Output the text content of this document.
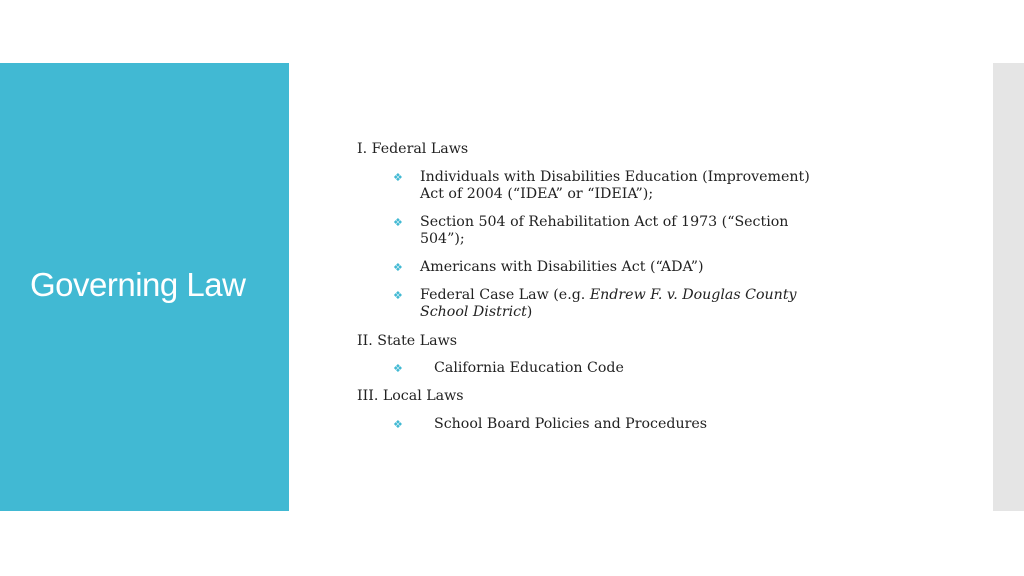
Governing Law
I. Federal Laws
❖ Individuals with Disabilities Education (Improvement)
Act of 2004 (“IDEA” or “IDEIA”);
❖ Section 504 of Rehabilitation Act of 1973 (“Section
504”);
❖ Americans with Disabilities Act (“ADA”)
❖ Federal Case Law (e.g. Endrew F. v. Douglas County
School District)
II. State Laws
❖ California Education Code
III. Local Laws
❖ School Board Policies and Procedures
